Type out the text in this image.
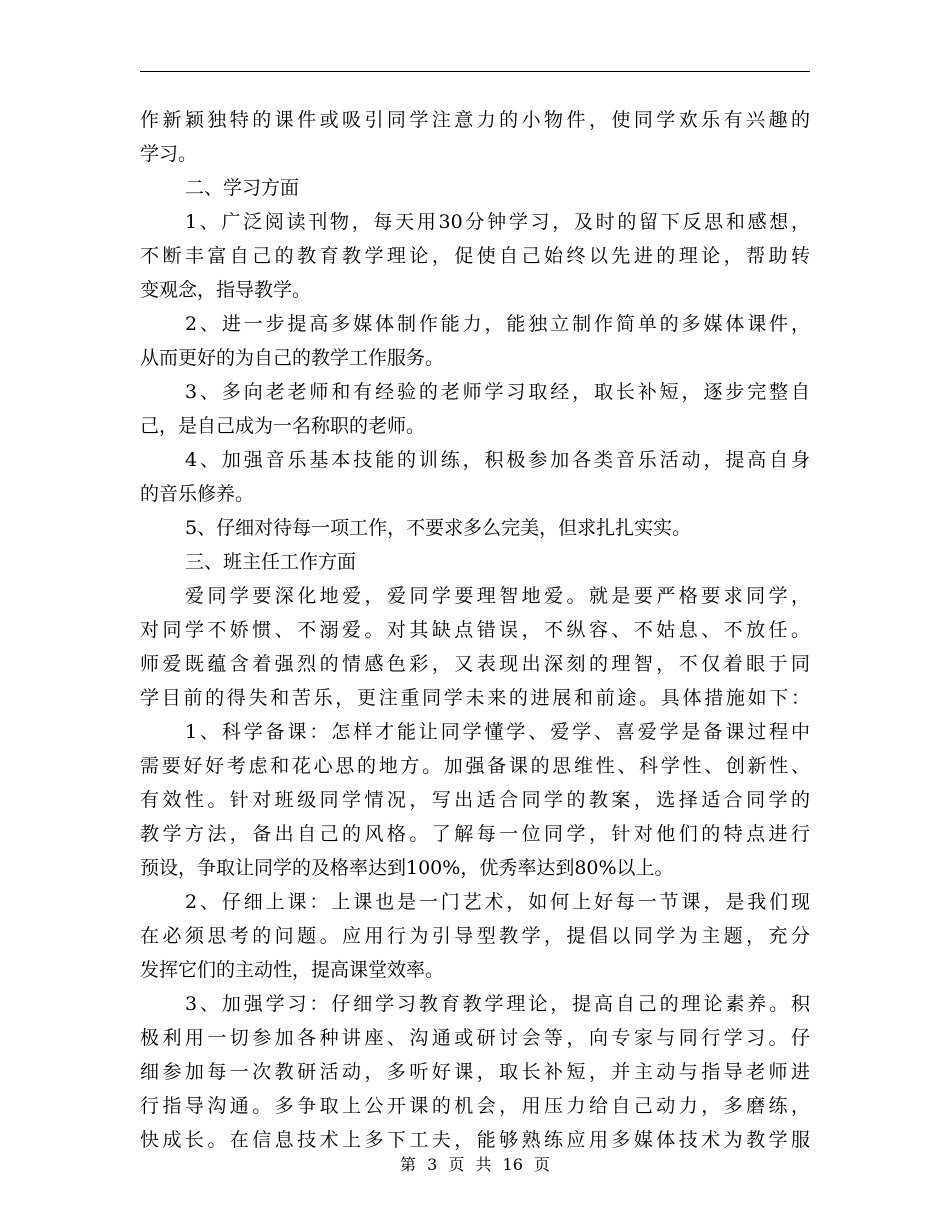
作新颖独特的课件或吸引同学注意力的小物件，使同学欢乐有兴趣的
学习。
二、学习方面
1、广泛阅读刊物，每天用30分钟学习，及时的留下反思和感想，
不断丰富自己的教育教学理论，促使自己始终以先进的理论，帮助转
变观念，指导教学。
2、进一步提高多媒体制作能力，能独立制作简单的多媒体课件，
从而更好的为自己的教学工作服务。
3、多向老老师和有经验的老师学习取经，取长补短，逐步完整自
己，是自己成为一名称职的老师。
4、加强音乐基本技能的训练，积极参加各类音乐活动，提高自身
的音乐修养。
5、仔细对待每一项工作，不要求多么完美，但求扎扎实实。
三、班主任工作方面
爱同学要深化地爱，爱同学要理智地爱。就是要严格要求同学，
对同学不娇惯、不溺爱。对其缺点错误，不纵容、不姑息、不放任。
师爱既蕴含着强烈的情感色彩，又表现出深刻的理智，不仅着眼于同
学目前的得失和苦乐，更注重同学未来的进展和前途。具体措施如下：
1、科学备课：怎样才能让同学懂学、爱学、喜爱学是备课过程中
需要好好考虑和花心思的地方。加强备课的思维性、科学性、创新性、
有效性。针对班级同学情况，写出适合同学的教案，选择适合同学的
教学方法，备出自己的风格。了解每一位同学，针对他们的特点进行
预设，争取让同学的及格率达到100%，优秀率达到80%以上。
2、仔细上课：上课也是一门艺术，如何上好每一节课，是我们现
在必须思考的问题。应用行为引导型教学，提倡以同学为主题，充分
发挥它们的主动性，提高课堂效率。
3、加强学习：仔细学习教育教学理论，提高自己的理论素养。积
极利用一切参加各种讲座、沟通或研讨会等，向专家与同行学习。仔
细参加每一次教研活动，多听好课，取长补短，并主动与指导老师进
行指导沟通。多争取上公开课的机会，用压力给自己动力，多磨练，
快成长。在信息技术上多下工夫，能够熟练应用多媒体技术为教学服
第 3 页 共 16 页
